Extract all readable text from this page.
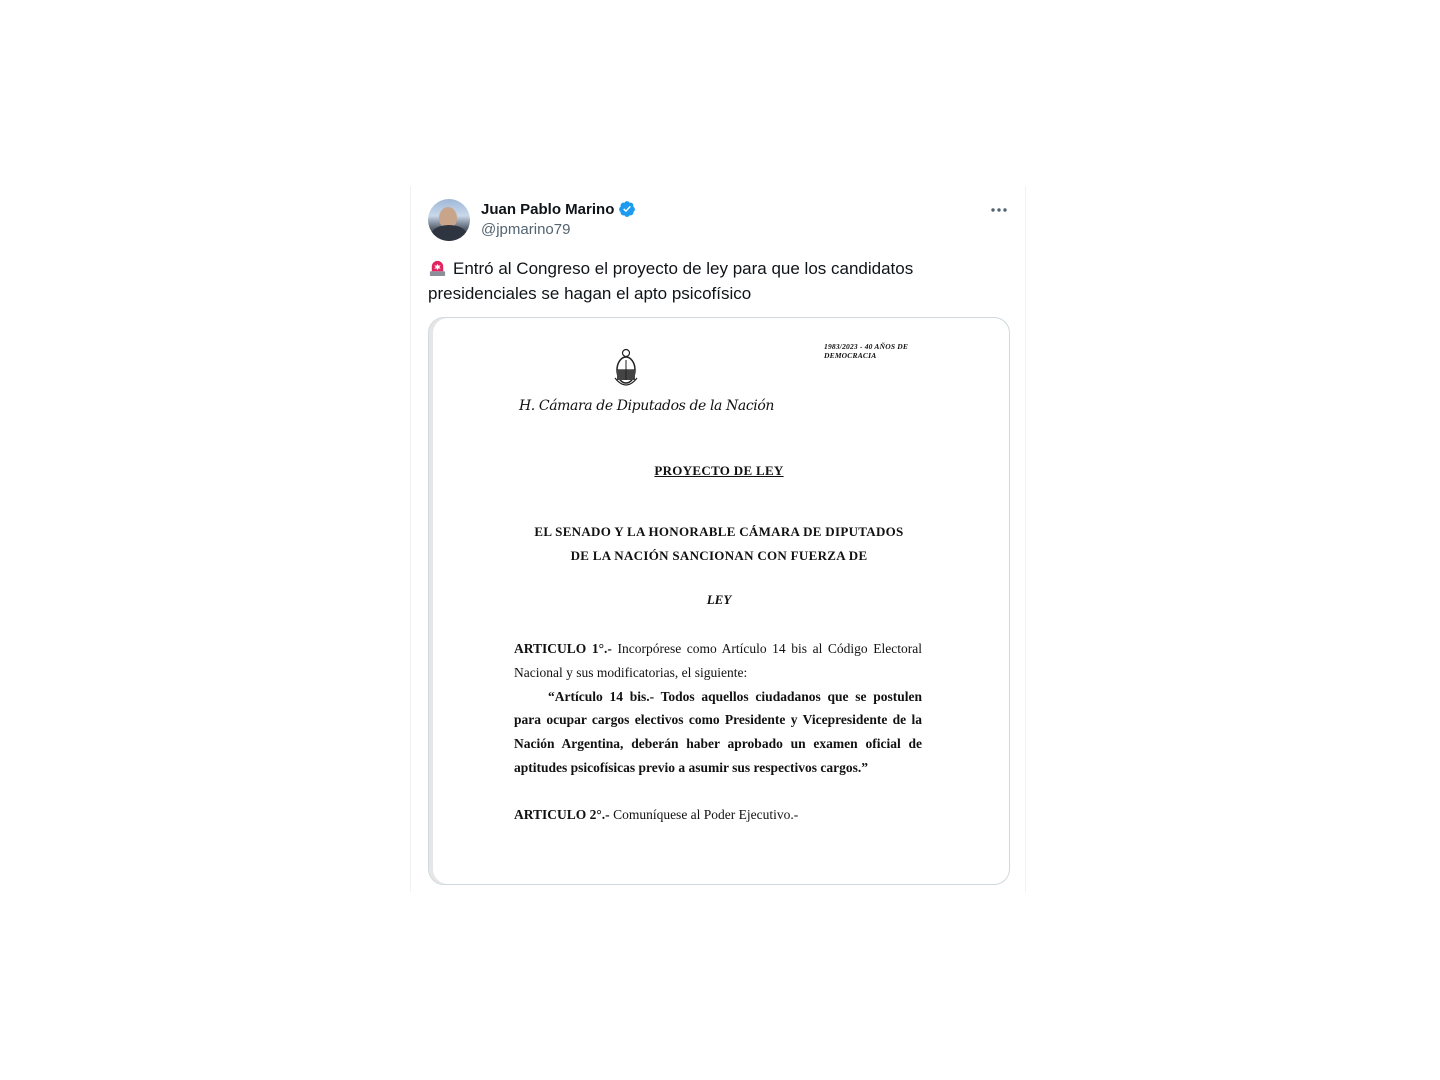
Juan Pablo Marino
@jpmarino79
Entró al Congreso el proyecto de ley para que los candidatos presidenciales se hagan el apto psicofísico
1983/2023 - 40 AÑOS DE DEMOCRACIA
H. Cámara de Diputados de la Nación
PROYECTO DE LEY
EL SENADO Y LA HONORABLE CÁMARA DE DIPUTADOS
DE LA NACIÓN SANCIONAN CON FUERZA DE
LEY

ARTICULO 1°.- Incorpórese como Artículo 14 bis al Código Electoral Nacional y sus modificatorias, el siguiente:

“Artículo 14 bis.- Todos aquellos ciudadanos que se postulen para ocupar cargos electivos como Presidente y Vicepresidente de la Nación Argentina, deberán haber aprobado un examen oficial de aptitudes psicofísicas previo a asumir sus respectivos cargos.”

ARTICULO 2°.- Comuníquese al Poder Ejecutivo.-
